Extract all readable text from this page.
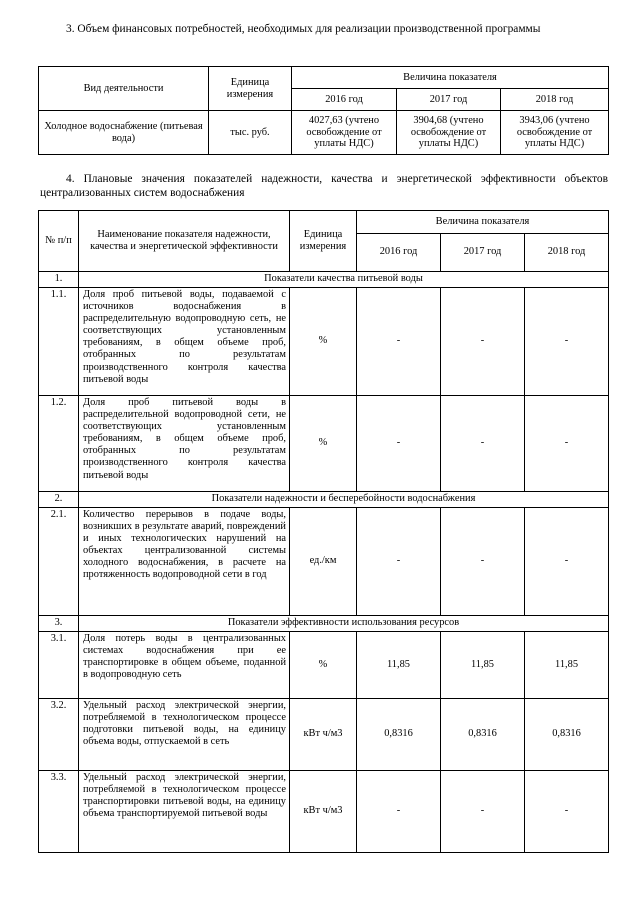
3. Объем финансовых потребностей, необходимых для реализации производственной программы

Вид деятельности	Единица измерения	Величина показателя		
		2016 год	2017 год	2018 год
Холодное водоснабжение (питьевая вода)	тыс. руб.	4027,63 (учтено освобождение от уплаты НДС)	3904,68 (учтено освобождение от уплаты НДС)	3943,06 (учтено освобождение от уплаты НДС)

4. Плановые значения показателей надежности, качества и энергетической эффективности объектов централизованных систем водоснабжения

№ п/п	Наименование показателя надежности, качества и энергетической эффективности	Единица измерения	Величина показателя		
			2016 год	2017 год	2018 год
1.	Показатели качества питьевой воды				
1.1.	Доля проб питьевой воды, подаваемой с источников водоснабжения в распределительную водопроводную сеть, не соответствующих установленным требованиям, в общем объеме проб, отобранных по результатам производственного контроля качества питьевой воды	%	-	-	-
1.2.	Доля проб питьевой воды в распределительной водопроводной сети, не соответствующих установленным требованиям, в общем объеме проб, отобранных по результатам производственного контроля качества питьевой воды	%	-	-	-
2.	Показатели надежности и бесперебойности водоснабжения				
2.1.	Количество перерывов в подаче воды, возникших в результате аварий, повреждений и иных технологических нарушений на объектах централизованной системы холодного водоснабжения, в расчете на протяженность водопроводной сети в год	ед./км	-	-	-
3.	Показатели эффективности использования ресурсов				
3.1.	Доля потерь воды в централизованных системах водоснабжения при ее транспортировке в общем объеме, поданной в водопроводную сеть	%	11,85	11,85	11,85
3.2.	Удельный расход электрической энергии, потребляемой в технологическом процессе подготовки питьевой воды, на единицу объема воды, отпускаемой в сеть	кВт ч/м3	0,8316	0,8316	0,8316
3.3.	Удельный расход электрической энергии, потребляемой в технологическом процессе транспортировки питьевой воды, на единицу объема транспортируемой питьевой воды	кВт ч/м3	-	-	-
